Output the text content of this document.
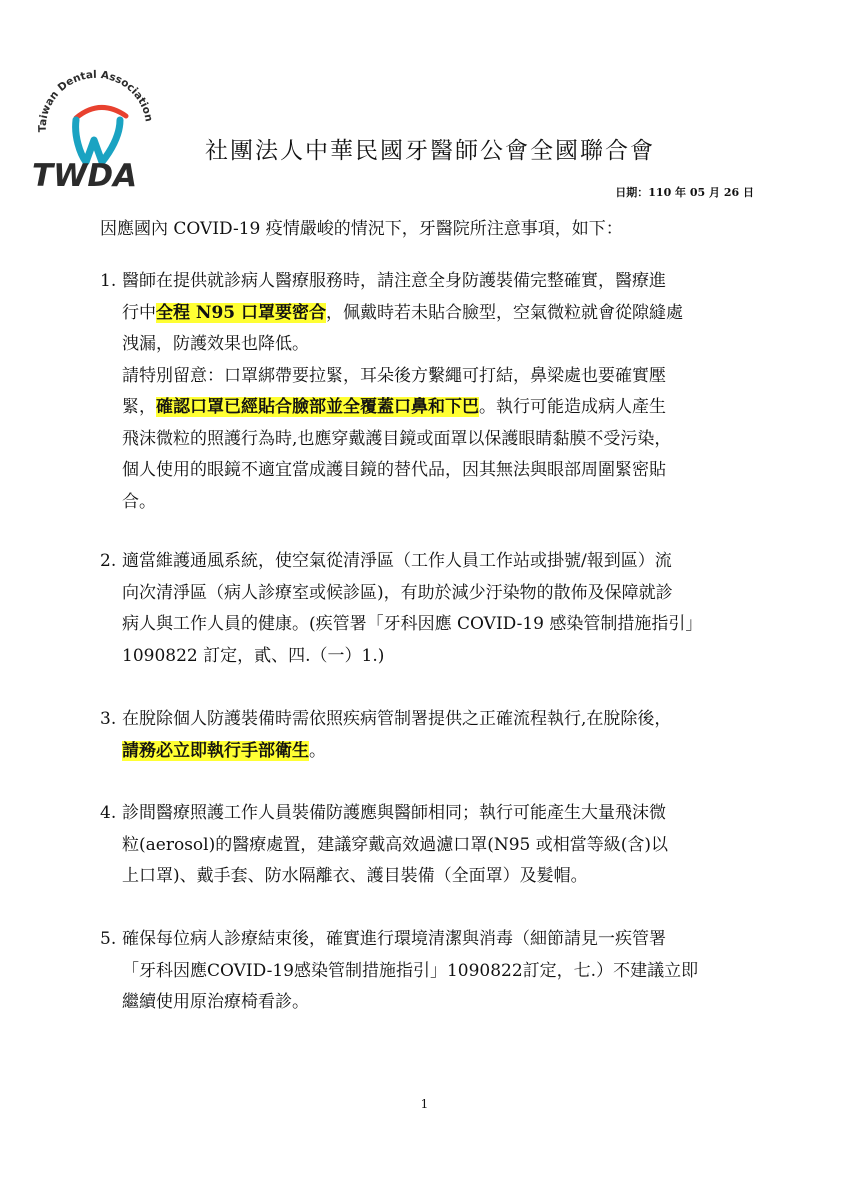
Taiwan Dental Association
TWDA
社團法人中華民國牙醫師公會全國聯合會
日期：110 年 05 月 26 日
因應國內 COVID-19 疫情嚴峻的情況下，牙醫院所注意事項，如下：
1. 醫師在提供就診病人醫療服務時，請注意全身防護裝備完整確實，醫療進
行中全程 N95 口罩要密合，佩戴時若未貼合臉型，空氣微粒就會從隙縫處
洩漏，防護效果也降低。
請特別留意：口罩綁帶要拉緊，耳朵後方繫繩可打結，鼻梁處也要確實壓
緊，確認口罩已經貼合臉部並全覆蓋口鼻和下巴。執行可能造成病人產生
飛沫微粒的照護行為時,也應穿戴護目鏡或面罩以保護眼睛黏膜不受污染，
個人使用的眼鏡不適宜當成護目鏡的替代品，因其無法與眼部周圍緊密貼
合。
2. 適當維護通風系統，使空氣從清淨區（工作人員工作站或掛號/報到區）流
向次清淨區（病人診療室或候診區)，有助於減少汙染物的散佈及保障就診
病人與工作人員的健康。(疾管署「牙科因應 COVID-19 感染管制措施指引」
1090822 訂定，貳、四.（一）1.)
3. 在脫除個人防護裝備時需依照疾病管制署提供之正確流程執行,在脫除後，
請務必立即執行手部衛生。
4. 診間醫療照護工作人員裝備防護應與醫師相同；執行可能產生大量飛沫微
粒(aerosol)的醫療處置，建議穿戴高效過濾口罩(N95 或相當等級(含)以
上口罩)、戴手套、防水隔離衣、護目裝備（全面罩）及髮帽。
5. 確保每位病人診療結束後，確實進行環境清潔與消毒（細節請見一疾管署
「牙科因應COVID-19感染管制措施指引」1090822訂定，七.）不建議立即
繼續使用原治療椅看診。
1
